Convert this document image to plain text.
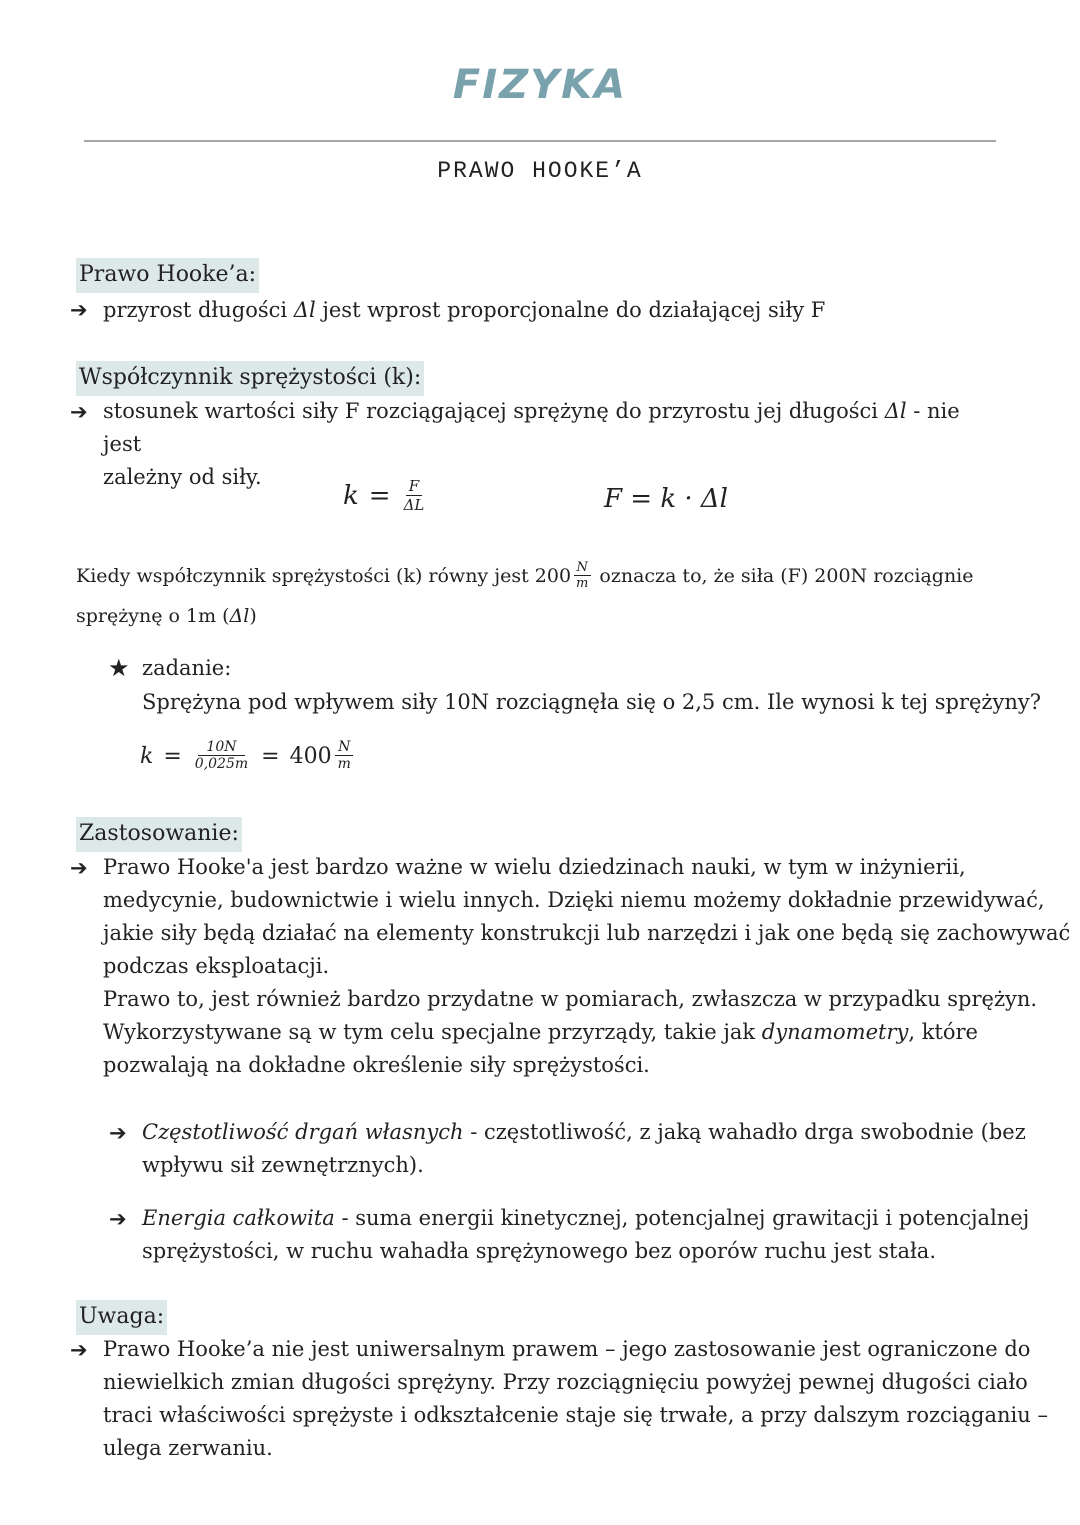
FIZYKA
PRAWO HOOKE’A
Prawo Hooke’a:
➔ przyrost długości Δl jest wprost proporcjonalne do działającej siły F
Współczynnik sprężystości (k):
➔ stosunek wartości siły F rozciągającej sprężynę do przyrostu jej długości Δl - nie jest
zależny od siły.
$k = \frac{F}{\Delta L}$	F = k · Δl
Kiedy współczynnik sprężystości (k) równy jest $200 \frac{N}{m}$ oznacza to, że siła (F) 200N rozciągnie
sprężynę o 1m (Δl)
★ zadanie:
Sprężyna pod wpływem siły 10N rozciągnęła się o 2,5 cm. Ile wynosi k tej sprężyny?
$k = \frac{10N}{0,025m} = 400 \frac{N}{m}$
Zastosowanie:
➔ Prawo Hooke'a jest bardzo ważne w wielu dziedzinach nauki, w tym w inżynierii,
medycynie, budownictwie i wielu innych. Dzięki niemu możemy dokładnie przewidywać,
jakie siły będą działać na elementy konstrukcji lub narzędzi i jak one będą się zachowywać
podczas eksploatacji.
Prawo to, jest również bardzo przydatne w pomiarach, zwłaszcza w przypadku sprężyn.
Wykorzystywane są w tym celu specjalne przyrządy, takie jak dynamometry, które
pozwalają na dokładne określenie siły sprężystości.
➔ Częstotliwość drgań własnych - częstotliwość, z jaką wahadło drga swobodnie (bez
wpływu sił zewnętrznych).
➔ Energia całkowita - suma energii kinetycznej, potencjalnej grawitacji i potencjalnej
sprężystości, w ruchu wahadła sprężynowego bez oporów ruchu jest stała.
Uwaga:
➔ Prawo Hooke’a nie jest uniwersalnym prawem – jego zastosowanie jest ograniczone do
niewielkich zmian długości sprężyny. Przy rozciągnięciu powyżej pewnej długości ciało
traci właściwości sprężyste i odkształcenie staje się trwałe, a przy dalszym rozciąganiu –
ulega zerwaniu.
